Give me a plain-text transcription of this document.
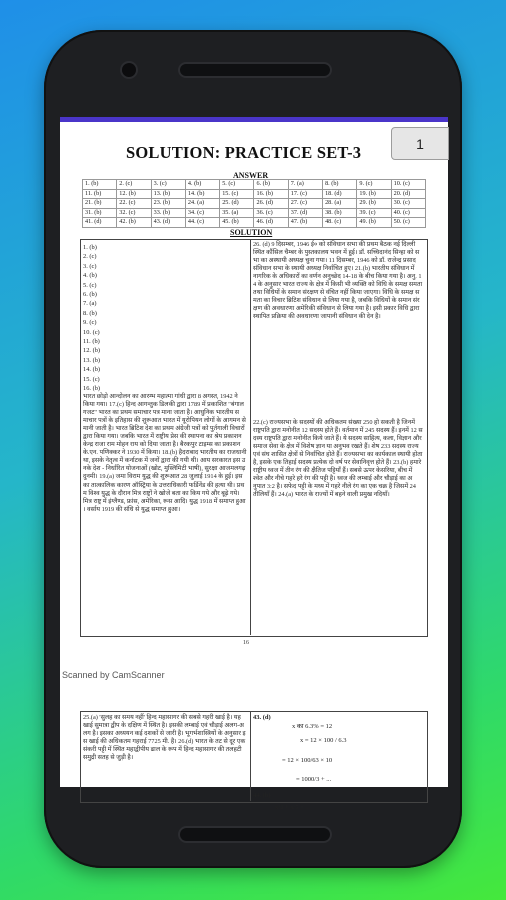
1
SOLUTION: PRACTICE SET-3
ANSWER
1. (b)	2. (c)	3. (c)	4. (b)	5. (c)	6. (b)	7. (a)	8. (b)	9. (c)	10. (c)
11. (b)	12. (b)	13. (b)	14. (b)	15. (c)	16. (b)	17. (c)	18. (d)	19. (b)	20. (d)
21. (b)	22. (c)	23. (b)	24. (a)	25. (d)	26. (d)	27. (c)	28. (a)	29. (b)	30. (c)
31. (b)	32. (c)	33. (b)	34. (c)	35. (a)	36. (c)	37. (d)	38. (b)	39. (c)	40. (c)
41. (d)	42. (b)	43. (d)	44. (c)	45. (b)	46. (d)	47. (b)	48. (c)	49. (b)	50. (c)
SOLUTION
1. (b)
2. (c)
3. (c)
4. (b)
5. (c)
6. (b)
7. (a)
8. (b)
9. (c)
10. (c)
11. (b)
12. (b)
13. (b)
14. (b)
15. (c)
16. (b)
भारत छोड़ो आन्दोलन का आरम्भ महात्मा गांधी द्वारा 8 अगस्त, 1942 ने किया गया। 17.(c) हिन्द आगन्तुक डिलकी द्वारा 1789 में प्रकाशित "बंगाल गजट" भारत का प्रथम समाचार पत्र माना जाता है। आधुनिक भारतीय समाचार पत्रों के इतिहास की शुरूआत भारत में यूरोपियन लोगों के आगमन से मानी जाती है। भारत ब्रिटिश देश का प्रथम अंग्रेजी पत्रों को पुर्तगाली विचारों द्वारा किया गया। जबकि भारत में राष्ट्रीय प्रेस की स्थापना का श्रेय प्रकाशन केन्द्र राजा राम मोहन राय को दिया जाता है। बैरकपुर टाइम्स का प्रकाशन के.एन. पणिक्कर ने 1930 में किया। 18.(b) हैदराबाद भारतीय का राजधानी था, इसके नेतृत्व में कर्नाटक में जनों द्वारा की गयी थी। आय सरकारत इस उनके देश - निर्धारित योजनाओं (खोट, मुस्लिमिटी भाषी), सुरक्षा आजमलगढ़ दुनमी। 19.(a) जमा विराम युद्ध की शुरूआत 28 जुलाई 1914 के हुई। इसका तात्कालिक कारण ऑस्ट्रिया के उत्तराधिकारी फर्डिनेंड की हत्या थी। प्रथम विश्व युद्ध के दौरान मित्र राष्ट्रों ने खोजे बता का किय गये और बूढ़े गये। मित्र राष्ट्र में इंग्लैण्ड, फ्रांस, अमेरिका, रूस आदि। युद्ध 1918 में समाप्त हुआ। वर्साय 1919 की संधि से युद्ध समाप्त हुआ।
26. (d) 9 दिसम्बर, 1946 ई० को संविधान सभा की प्रथम बैठक नई दिल्ली स्थित कौंसिल चैम्बर के पुस्तकालय भवन में हुई। डॉ. सच्चिदानंद सिन्हा को सभा का अस्थायी अध्यक्ष चुना गया। 11 दिसम्बर, 1946 को डॉ. राजेन्द्र प्रसाद संविधान सभा के स्थायी अध्यक्ष निर्वाचित हुए। 21.(b) भारतीय संविधान में नागरिक के अधिकारों का वर्णन अनुच्छेद 14-18 के बीच किया गया है। अनु. 14 के अनुसार भारत राज्य के क्षेत्र में किसी भी व्यक्ति को विधि के समक्ष समता तथा विधियों के समान संरक्षण से वंचित नहीं किया जाएगा। विधि के समक्ष समता का विचार ब्रिटिश संविधान से लिया गया है, जबकि विधियों के समान संरक्षण की अवधारणा अमेरिकी संविधान से लिया गया है। इसी प्रकार विधि द्वारा स्थापित प्रक्रिया की अवधारणा जापानी संविधान की देन है।
22.(c) राज्यसभा के सदस्यों की अधिकतम संख्या 250 हो सकती है जिनमें राष्ट्रपति द्वारा मनोनीत 12 सदस्य होते हैं। वर्तमान में 245 सदस्य हैं। इनमें 12 सदस्य राष्ट्रपति द्वारा मनोनीत किये जाते हैं। ये सदस्य साहित्य, कला, विज्ञान और समाज सेवा के क्षेत्र में विशेष ज्ञान या अनुभव रखते हैं। शेष 233 सदस्य राज्य एवं संघ शासित क्षेत्रों से निर्वाचित होते हैं। राज्यसभा का कार्यकाल स्थायी होता है, इसके एक तिहाई सदस्य प्रत्येक दो वर्ष पर सेवानिवृत्त होते हैं। 23.(b) हमारे राष्ट्रीय ध्वज में तीन रंग की क्षैतिज पट्टियाँ हैं। सबसे ऊपर केसरिया, बीच में श्वेत और नीचे गहरे हरे रंग की पट्टी है। ध्वज की लम्बाई और चौड़ाई का अनुपात 3:2 है। सफेद पट्टी के मध्य में गहरे नीले रंग का एक चक्र है जिसमें 24 तीलियाँ हैं। 24.(a) भारत के राज्यों में बहने वाली प्रमुख नदियाँ।
16
Scanned by CamScanner
25.(a) 'सुलह का समय नहीं' हिन्द महासागर की सबसे गहरी खाई है। यह खाई सुमात्रा द्वीप के दक्षिण में स्थित है। इसकी लम्बाई एवं चौड़ाई अलग-अलग है। इसका अध्ययन कई दशकों से जारी है। भूगर्भशास्त्रियों के अनुसार इस खाई की अधिकतम गहराई 7725 मी. है। 26.(d) भारत के तट से दूर एक संकरी पट्टी में स्थित महाद्वीपीय ढाल के रूप में हिन्द महासागर की तलहटी समुद्री सतह से जुड़ी है।
43. (d)
x का 6.3% = 12
x = 12 × 100 / 6.3
= 12 × 100/63 × 10
= 1000/3 + ...
44. (b)
x/3 + x/5 = ...
